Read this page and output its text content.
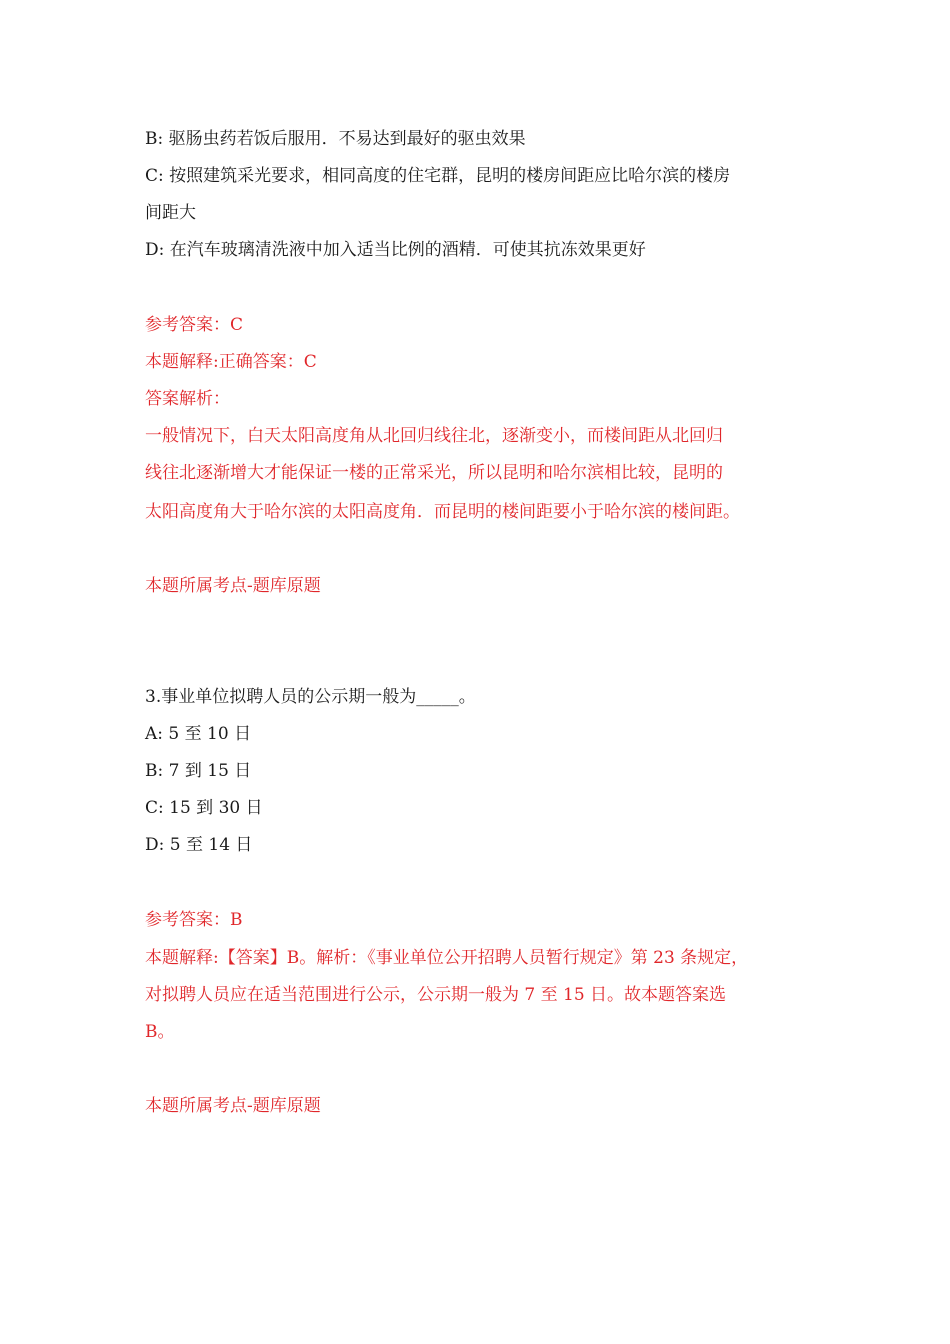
B: 驱肠虫药若饭后服用．不易达到最好的驱虫效果

C: 按照建筑采光要求，相同高度的住宅群，昆明的楼房间距应比哈尔滨的楼房

间距大

D: 在汽车玻璃清洗液中加入适当比例的酒精．可使其抗冻效果更好

参考答案：C

本题解释:正确答案：C

答案解析：

一般情况下，白天太阳高度角从北回归线往北，逐渐变小，而楼间距从北回归

线往北逐渐增大才能保证一楼的正常采光，所以昆明和哈尔滨相比较，昆明的

太阳高度角大于哈尔滨的太阳高度角．而昆明的楼间距要小于哈尔滨的楼间距。

本题所属考点-题库原题

3.事业单位拟聘人员的公示期一般为_____。

A: 5 至 10 日

B: 7 到 15 日

C: 15 到 30 日

D: 5 至 14 日

参考答案：B

本题解释:【答案】B。解析：《事业单位公开招聘人员暂行规定》第 23 条规定，

对拟聘人员应在适当范围进行公示，公示期一般为 7 至 15 日。故本题答案选

B。

本题所属考点-题库原题
